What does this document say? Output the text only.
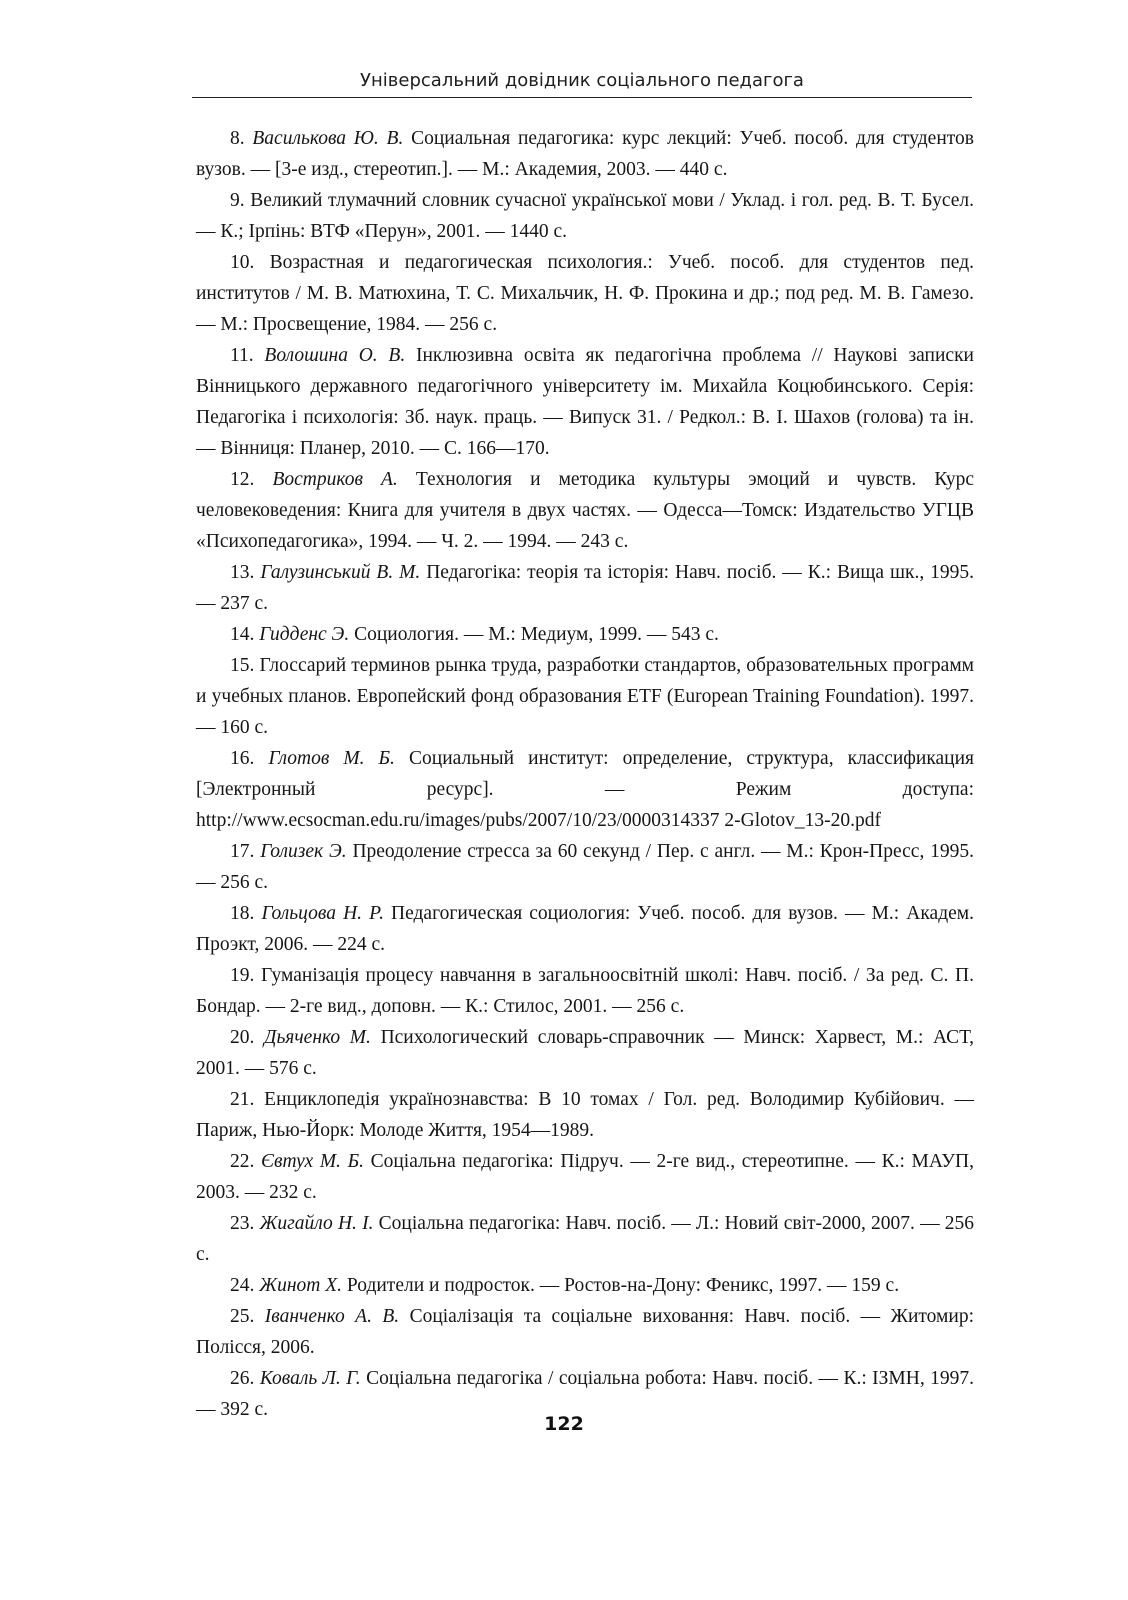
Універсальний довідник соціального педагога
8. Василькова Ю. В. Социальная педагогика: курс лекций: Учеб. пособ. для студентов вузов. — [3-е изд., стереотип.]. — М.: Академия, 2003. — 440 с.
9. Великий тлумачний словник сучасної української мови / Уклад. і гол. ред. В. Т. Бусел. — К.; Ірпінь: ВТФ «Перун», 2001. — 1440 с.
10. Возрастная и педагогическая психология.: Учеб. пособ. для студентов пед. институтов / М. В. Матюхина, Т. С. Михальчик, Н. Ф. Прокина и др.; под ред. М. В. Гамезо. — М.: Просвещение, 1984. — 256 с.
11. Волошина О. В. Інклюзивна освіта як педагогічна проблема // Наукові записки Вінницького державного педагогічного університету ім. Михайла Коцюбинського. Серія: Педагогіка і психологія: Зб. наук. праць. — Випуск 31. / Редкол.: В. І. Шахов (голова) та ін. — Вінниця: Планер, 2010. — С. 166—170.
12. Востриков А. Технология и методика культуры эмоций и чувств. Курс человековедения: Книга для учителя в двух частях. — Одесса—Томск: Издательство УГЦВ «Психопедагогика», 1994. — Ч. 2. — 1994. — 243 с.
13. Галузинський В. М. Педагогіка: теорія та історія: Навч. посіб. — К.: Вища шк., 1995. — 237 с.
14. Гидденс Э. Социология. — М.: Медиум, 1999. — 543 с.
15. Глоссарий терминов рынка труда, разработки стандартов, образовательных программ и учебных планов. Европейский фонд образования ETF (European Training Foundation). 1997. — 160 с.
16. Глотов М. Б. Социальный институт: определение, структура, классификация [Электронный ресурс]. — Режим доступа: http://www.ecsocman.edu.ru/images/pubs/2007/10/23/0000314337 2-Glotov_13-20.pdf
17. Голизек Э. Преодоление стресса за 60 секунд / Пер. с англ. — М.: Крон-Пресс, 1995. — 256 с.
18. Гольцова Н. Р. Педагогическая социология: Учеб. пособ. для вузов. — М.: Академ. Проэкт, 2006. — 224 с.
19. Гуманізація процесу навчання в загальноосвітній школі: Навч. посіб. / За ред. С. П. Бондар. — 2-ге вид., доповн. — К.: Стилос, 2001. — 256 с.
20. Дьяченко М. Психологический словарь-справочник — Минск: Харвест, М.: АСТ, 2001. — 576 с.
21. Енциклопедія українознавства: В 10 томах / Гол. ред. Володимир Кубійович. — Париж, Нью-Йорк: Молоде Життя, 1954—1989.
22. Євтух М. Б. Соціальна педагогіка: Підруч. — 2-ге вид., стереотипне. — К.: МАУП, 2003. — 232 с.
23. Жигайло Н. І. Соціальна педагогіка: Навч. посіб. — Л.: Новий світ-2000, 2007. — 256 с.
24. Жинот Х. Родители и подросток. — Ростов-на-Дону: Феникс, 1997. — 159 с.
25. Іванченко А. В. Соціалізація та соціальне виховання: Навч. посіб. — Житомир: Полісся, 2006.
26. Коваль Л. Г. Соціальна педагогіка / соціальна робота: Навч. посіб. — К.: ІЗМН, 1997. — 392 с.
122
